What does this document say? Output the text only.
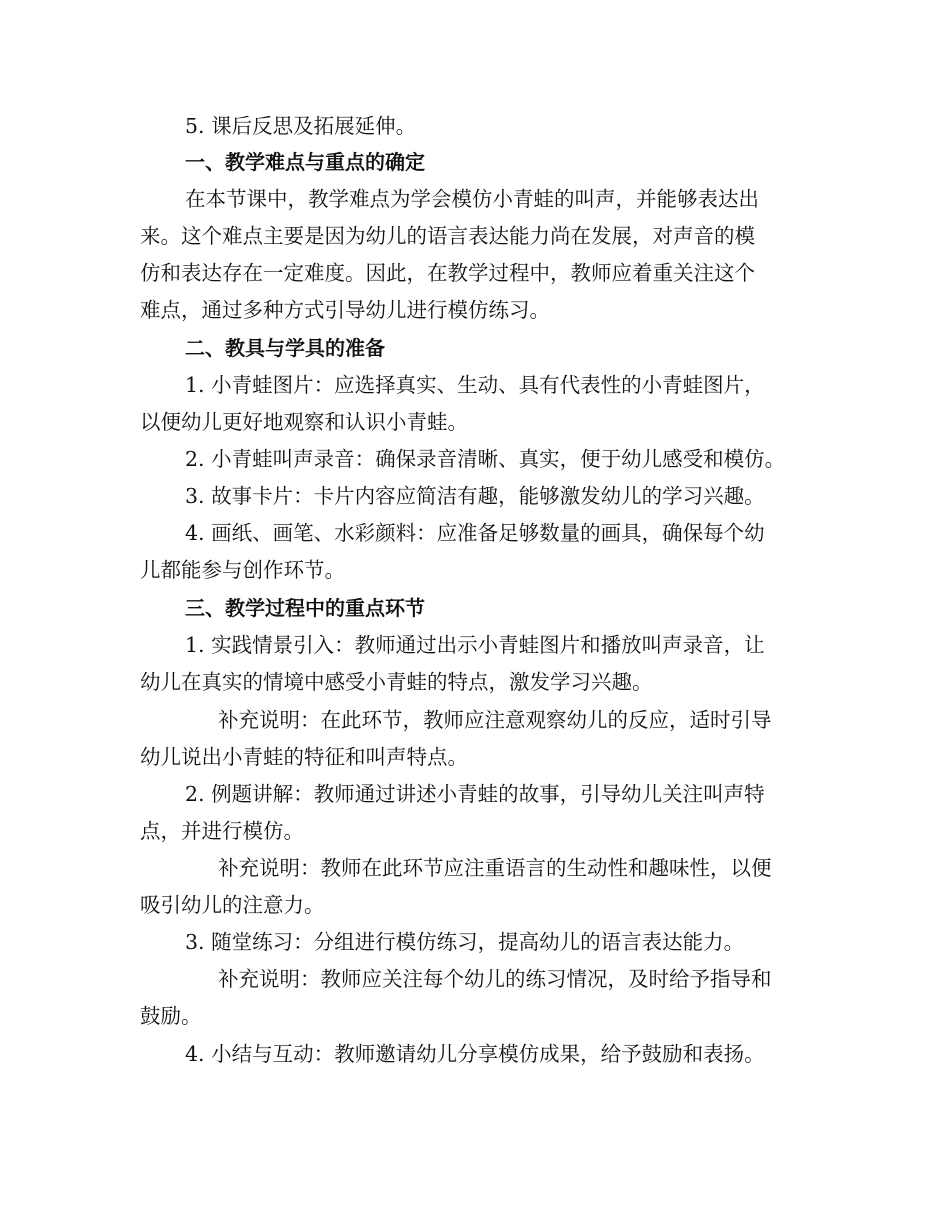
5. 课后反思及拓展延伸。
一、教学难点与重点的确定
在本节课中，教学难点为学会模仿小青蛙的叫声，并能够表达出
来。这个难点主要是因为幼儿的语言表达能力尚在发展，对声音的模
仿和表达存在一定难度。因此，在教学过程中，教师应着重关注这个
难点，通过多种方式引导幼儿进行模仿练习。
二、教具与学具的准备
1. 小青蛙图片：应选择真实、生动、具有代表性的小青蛙图片，
以便幼儿更好地观察和认识小青蛙。
2. 小青蛙叫声录音：确保录音清晰、真实，便于幼儿感受和模仿。
3. 故事卡片：卡片内容应简洁有趣，能够激发幼儿的学习兴趣。
4. 画纸、画笔、水彩颜料：应准备足够数量的画具，确保每个幼
儿都能参与创作环节。
三、教学过程中的重点环节
1. 实践情景引入：教师通过出示小青蛙图片和播放叫声录音，让
幼儿在真实的情境中感受小青蛙的特点，激发学习兴趣。
补充说明：在此环节，教师应注意观察幼儿的反应，适时引导
幼儿说出小青蛙的特征和叫声特点。
2. 例题讲解：教师通过讲述小青蛙的故事，引导幼儿关注叫声特
点，并进行模仿。
补充说明：教师在此环节应注重语言的生动性和趣味性，以便
吸引幼儿的注意力。
3. 随堂练习：分组进行模仿练习，提高幼儿的语言表达能力。
补充说明：教师应关注每个幼儿的练习情况，及时给予指导和
鼓励。
4. 小结与互动：教师邀请幼儿分享模仿成果，给予鼓励和表扬。
